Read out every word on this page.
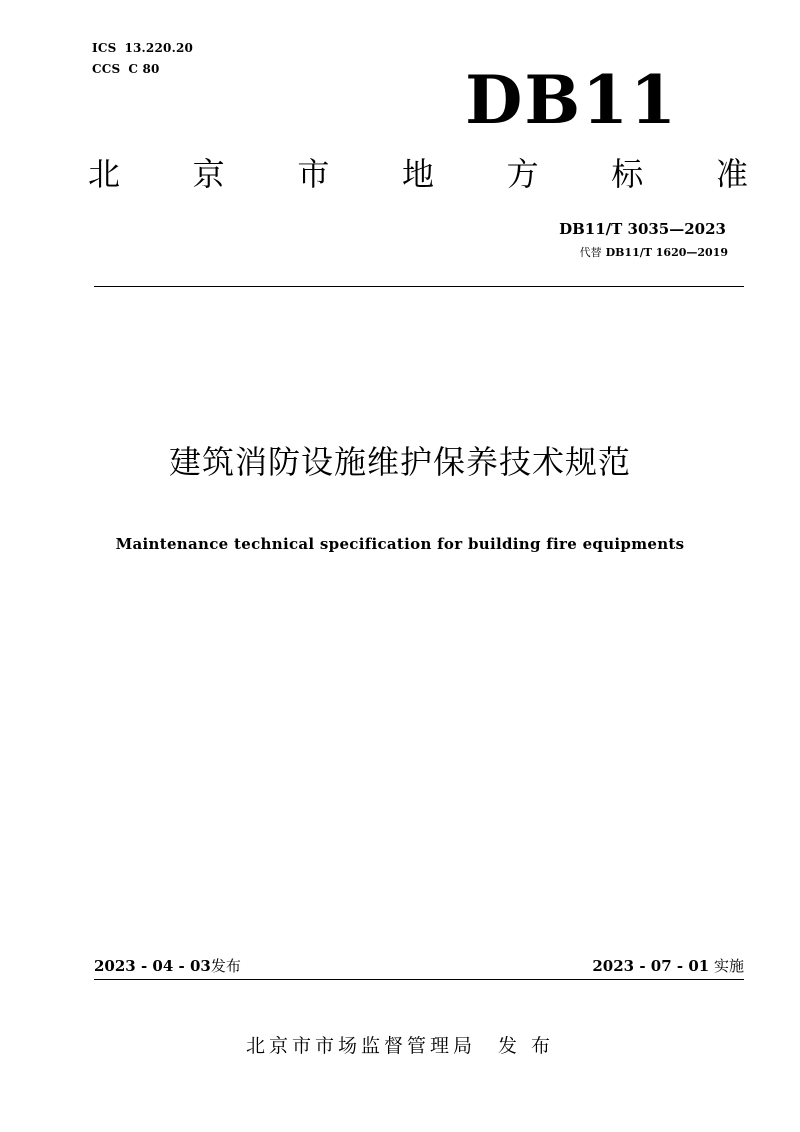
ICS 13.220.20
CCS C 80	DB11
北 京 市 地 方 标 准
DB11/T 3035—2023
代替 DB11/T 1620—2019
建筑消防设施维护保养技术规范
Maintenance technical specification for building fire equipments
2023 - 04 - 03发布	2023 - 07 - 01 实施
北京市市场监督管理局 发 布
